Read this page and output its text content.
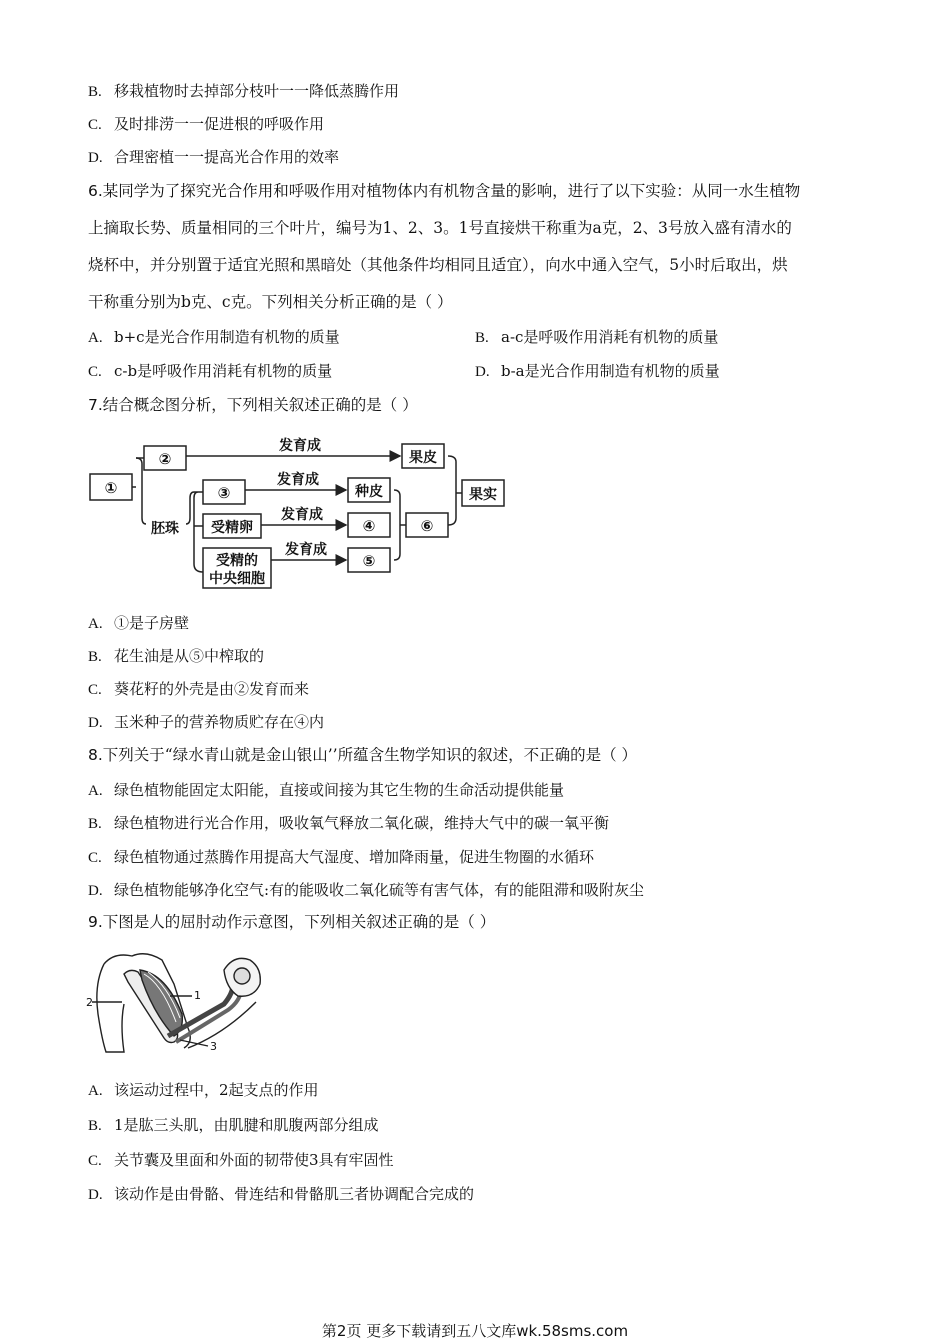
B. 移栽植物时去掉部分枝叶一一降低蒸腾作用
C. 及时排涝一一促进根的呼吸作用
D. 合理密植一一提高光合作用的效率
6.某同学为了探究光合作用和呼吸作用对植物体内有机物含量的影响，进行了以下实验：从同一水生植物
上摘取长势、质量相同的三个叶片，编号为1、2、3。1号直接烘干称重为a克，2、3号放入盛有清水的
烧杯中，并分别置于适宜光照和黑暗处（其他条件均相同且适宜），向水中通入空气，5小时后取出，烘
干称重分别为b克、c克。下列相关分析正确的是（ ）
A. b+c是光合作用制造有机物的质量	B. a-c是呼吸作用消耗有机物的质量
C. c-b是呼吸作用消耗有机物的质量	D. b-a是光合作用制造有机物的质量
7.结合概念图分析，下列相关叙述正确的是（ ）
①
②
③
受精卵
受精的
中央细胞
胚珠
种皮
④
⑤
果皮
⑥
果实
发育成
发育成
发育成
发育成
A. ①是子房壁
B. 花生油是从⑤中榨取的
C. 葵花籽的外壳是由②发育而来
D. 玉米种子的营养物质贮存在④内
8.下列关于“绿水青山就是金山银山’’所蕴含生物学知识的叙述，不正确的是（ ）
A. 绿色植物能固定太阳能，直接或间接为其它生物的生命活动提供能量
B. 绿色植物进行光合作用，吸收氧气释放二氧化碳，维持大气中的碳一氧平衡
C. 绿色植物通过蒸腾作用提高大气湿度、增加降雨量，促进生物圈的水循环
D. 绿色植物能够净化空气:有的能吸收二氧化硫等有害气体，有的能阻滞和吸附灰尘
9.下图是人的屈肘动作示意图，下列相关叙述正确的是（ ）
1
2
3
A. 该运动过程中，2起支点的作用
B. 1是肱三头肌，由肌腱和肌腹两部分组成
C. 关节囊及里面和外面的韧带使3具有牢固性
D. 该动作是由骨骼、骨连结和骨骼肌三者协调配合完成的
第2页 更多下载请到五八文库wk.58sms.com
